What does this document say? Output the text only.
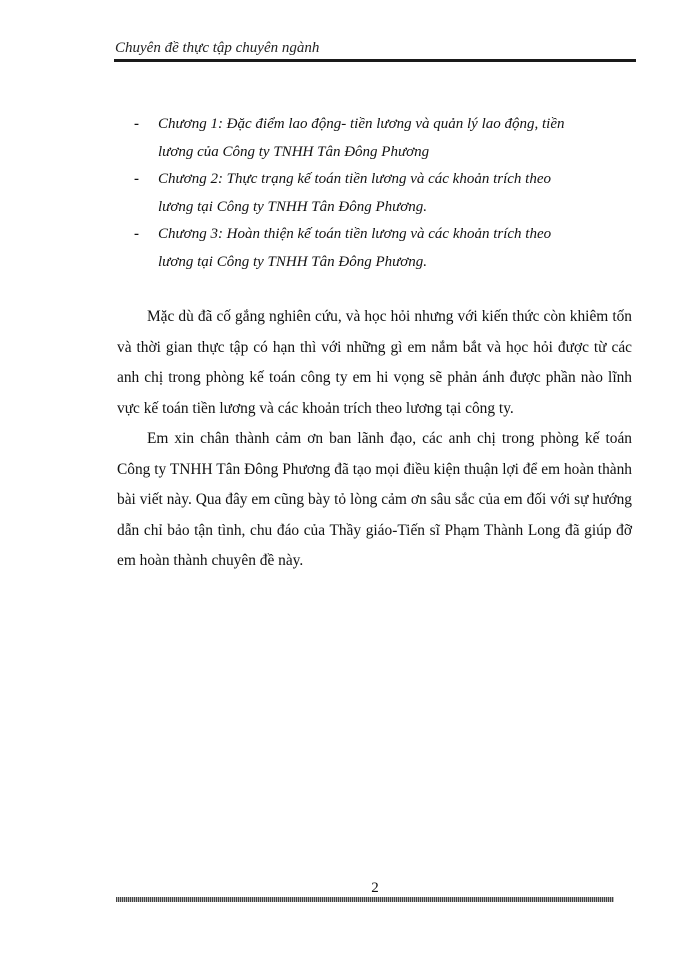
Chuyên đề thực tập chuyên ngành
- Chương 1: Đặc điểm lao động- tiền lương và quản lý lao động, tiền
lương của Công ty TNHH Tân Đông Phương
- Chương 2: Thực trạng kế toán tiền lương và các khoản trích theo
lương tại Công ty TNHH Tân Đông Phương.
- Chương 3: Hoàn thiện kế toán tiền lương và các khoản trích theo
lương tại Công ty TNHH Tân Đông Phương.

Mặc dù đã cố gắng nghiên cứu, và học hỏi nhưng với kiến thức còn khiêm tốn và thời gian thực tập có hạn thì với những gì em nắm bắt và học hỏi được từ các anh chị trong phòng kế toán công ty em hi vọng sẽ phản ánh được phần nào lĩnh vực kế toán tiền lương và các khoản trích theo lương tại công ty.

Em xin chân thành cảm ơn ban lãnh đạo, các anh chị trong phòng kế toán Công ty TNHH Tân Đông Phương đã tạo mọi điều kiện thuận lợi để em hoàn thành bài viết này. Qua đây em cũng bày tỏ lòng cảm ơn sâu sắc của em đối với sự hướng dẫn chỉ bảo tận tình, chu đáo của Thầy giáo-Tiến sĩ Phạm Thành Long đã giúp đỡ em hoàn thành chuyên đề này.

2
